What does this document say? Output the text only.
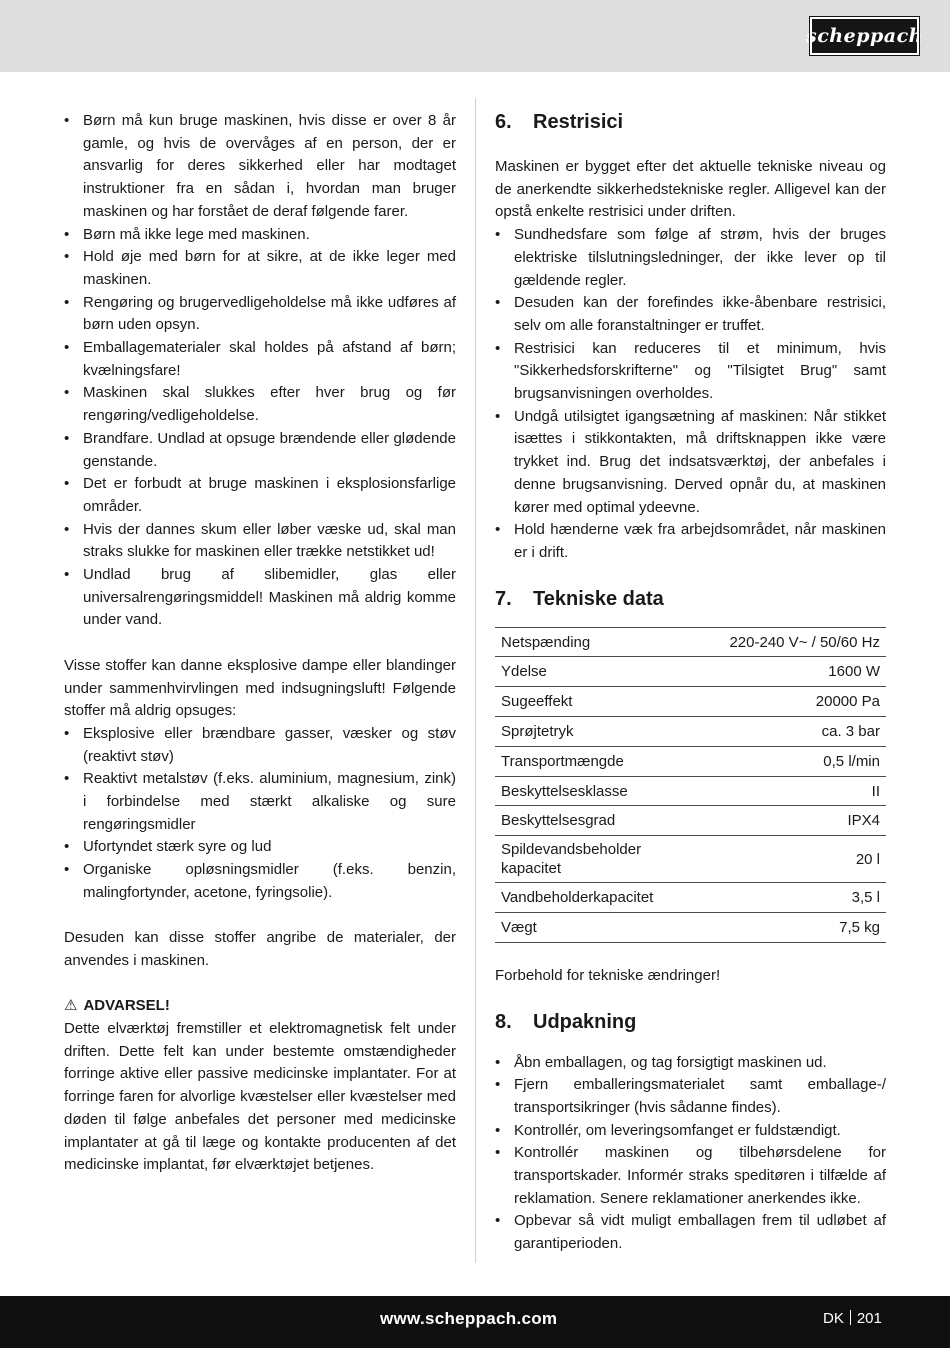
scheppach
• Børn må kun bruge maskinen, hvis disse er over 8 år gamle, og hvis de overvåges af en person, der er ansvarlig for deres sikkerhed eller har modtaget instruktioner fra en sådan i, hvordan man bruger maskinen og har forstået de deraf følgende farer.
• Børn må ikke lege med maskinen.
• Hold øje med børn for at sikre, at de ikke leger med maskinen.
• Rengøring og brugervedligeholdelse må ikke udføres af børn uden opsyn.
• Emballagematerialer skal holdes på afstand af børn; kvælningsfare!
• Maskinen skal slukkes efter hver brug og før rengøring/vedligeholdelse.
• Brandfare. Undlad at opsuge brændende eller glødende genstande.
• Det er forbudt at bruge maskinen i eksplosionsfarlige områder.
• Hvis der dannes skum eller løber væske ud, skal man straks slukke for maskinen eller trække netstikket ud!
• Undlad brug af slibemidler, glas eller universalrengøringsmiddel! Maskinen må aldrig komme under vand.

Visse stoffer kan danne eksplosive dampe eller blandinger under sammenhvirvlingen med indsugningsluft! Følgende stoffer må aldrig opsuges:

• Eksplosive eller brændbare gasser, væsker og støv (reaktivt støv)
• Reaktivt metalstøv (f.eks. aluminium, magnesium, zink) i forbindelse med stærkt alkaliske og sure rengøringsmidler
• Ufortyndet stærk syre og lud
• Organiske opløsningsmidler (f.eks. benzin, malingfortynder, acetone, fyringsolie).

Desuden kan disse stoffer angribe de materialer, der anvendes i maskinen.

⚠ ADVARSEL!

Dette elværktøj fremstiller et elektromagnetisk felt under driften. Dette felt kan under bestemte omstændigheder forringe aktive eller passive medicinske implantater. For at forringe faren for alvorlige kvæstelser eller kvæstelser med døden til følge anbefales det personer med medicinske implantater at gå til læge og kontakte producenten af det medicinske implantat, før elværktøjet betjenes.

6.	Restrisici

Maskinen er bygget efter det aktuelle tekniske niveau og de anerkendte sikkerhedstekniske regler. Alligevel kan der opstå enkelte restrisici under driften.

• Sundhedsfare som følge af strøm, hvis der bruges elektriske tilslutningsledninger, der ikke lever op til gældende regler.
• Desuden kan der forefindes ikke-åbenbare restrisici, selv om alle foranstaltninger er truffet.
• Restrisici kan reduceres til et minimum, hvis "Sikkerhedsforskrifterne" og "Tilsigtet Brug" samt brugsanvisningen overholdes.
• Undgå utilsigtet igangsætning af maskinen: Når stikket isættes i stikkontakten, må driftsknappen ikke være trykket ind. Brug det indsatsværktøj, der anbefales i denne brugsanvisning. Derved opnår du, at maskinen kører med optimal ydeevne.
• Hold hænderne væk fra arbejdsområdet, når maskinen er i drift.
7.	Tekniske data
Netspænding	220-240 V~ / 50/60 Hz
Ydelse	1600 W
Sugeeffekt	20000 Pa
Sprøjtetryk	ca. 3 bar
Transportmængde	0,5 l/min
Beskyttelsesklasse	II
Beskyttelsesgrad	IPX4
Spildevandsbeholder kapacitet	20 l
Vandbeholderkapacitet	3,5 l
Vægt	7,5 kg

Forbehold for tekniske ændringer!

8.	Udpakning
• Åbn emballagen, og tag forsigtigt maskinen ud.
• Fjern emballeringsmaterialet samt emballage-/ transportsikringer (hvis sådanne findes).
• Kontrollér, om leveringsomfanget er fuldstændigt.
• Kontrollér maskinen og tilbehørsdelene for transportskader. Informér straks speditøren i tilfælde af reklamation. Senere reklamationer anerkendes ikke.
• Opbevar så vidt muligt emballagen frem til udløbet af garantiperioden.
www.scheppach.com	DK 201
